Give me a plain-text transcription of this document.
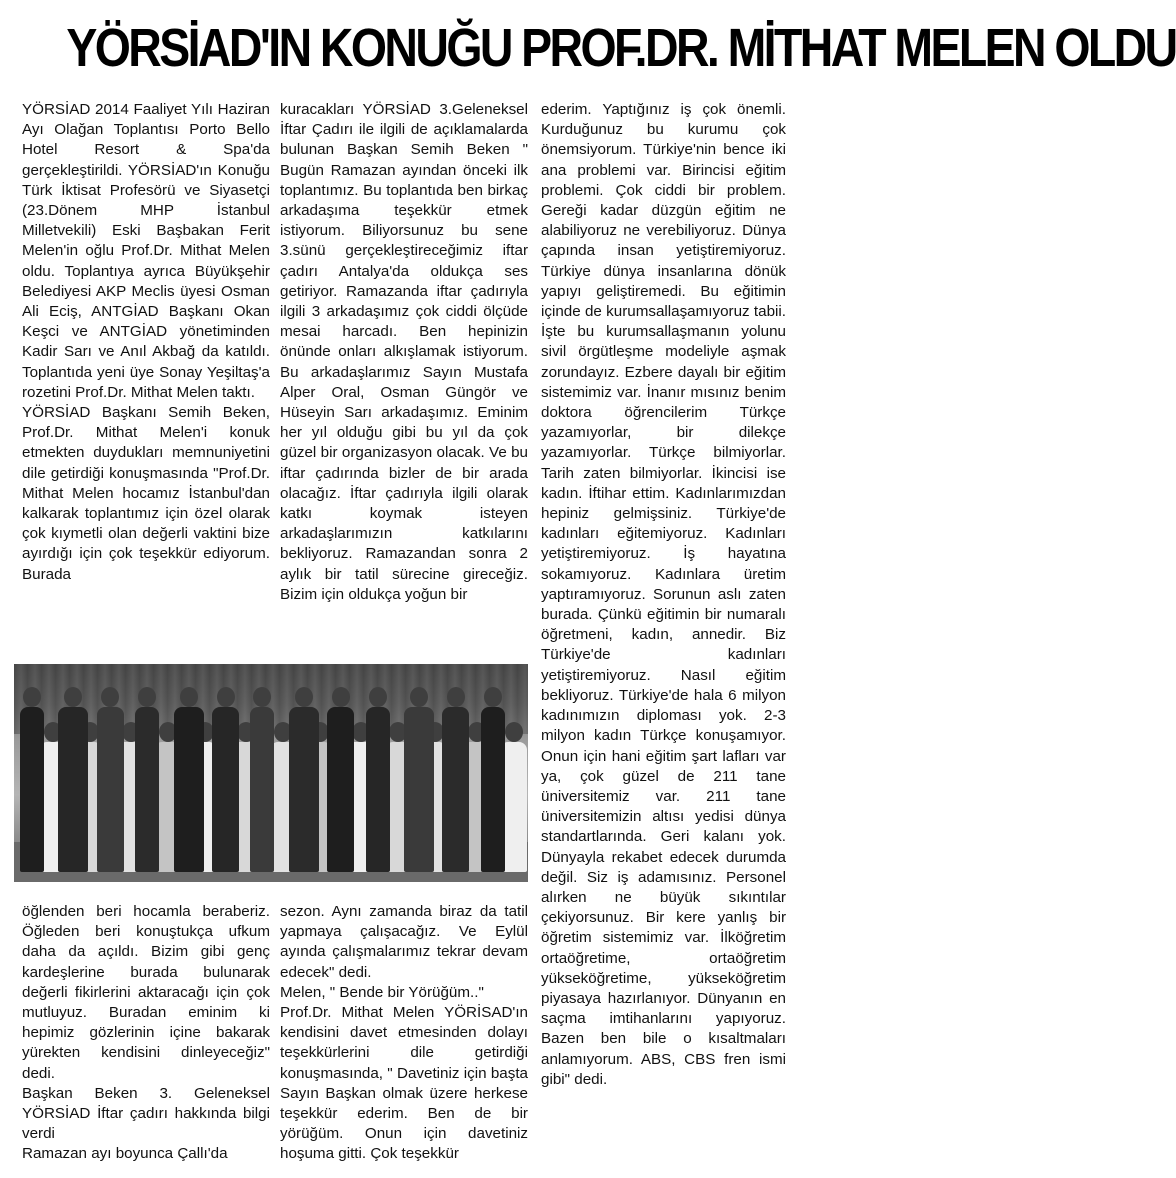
YÖRSİAD'IN KONUĞU PROF.DR. MİTHAT MELEN OLDU

YÖRSİAD 2014 Faaliyet Yılı Haziran Ayı Olağan Toplantısı Porto Bello Hotel Resort & Spa'da gerçekleştirildi. YÖRSİAD'ın Konuğu Türk İktisat Profesörü ve Siyasetçi (23.Dönem MHP İstanbul Milletvekili) Eski Başbakan Ferit Melen'in oğlu Prof.Dr. Mithat Melen oldu. Toplantıya ayrıca Büyükşehir Belediyesi AKP Meclis üyesi Osman Ali Eciş, ANTGİAD Başkanı Okan Keşci ve ANTGİAD yönetiminden Kadir Sarı ve Anıl Akbağ da katıldı. Toplantıda yeni üye Sonay Yeşiltaş'a rozetini Prof.Dr. Mithat Melen taktı.

YÖRSİAD Başkanı Semih Beken, Prof.Dr. Mithat Melen'i konuk etmekten duydukları memnuniyetini dile getirdiği konuşmasında "Prof.Dr. Mithat Melen hocamız İstanbul'dan kalkarak toplantımız için özel olarak çok kıymetli olan değerli vaktini bize ayırdığı için çok teşekkür ediyorum. Burada

kuracakları YÖRSİAD 3.Geleneksel İftar Çadırı ile ilgili de açıklamalarda bulunan Başkan Semih Beken " Bugün Ramazan ayından önceki ilk toplantımız. Bu toplantıda ben birkaç arkadaşıma teşekkür etmek istiyorum. Biliyorsunuz bu sene 3.sünü gerçekleştireceğimiz iftar çadırı Antalya'da oldukça ses getiriyor. Ramazanda iftar çadırıyla ilgili 3 arkadaşımız çok ciddi ölçüde mesai harcadı. Ben hepinizin önünde onları alkışlamak istiyorum. Bu arkadaşlarımız Sayın Mustafa Alper Oral, Osman Güngör ve Hüseyin Sarı arkadaşımız. Eminim her yıl olduğu gibi bu yıl da çok güzel bir organizasyon olacak. Ve bu iftar çadırında bizler de bir arada olacağız. İftar çadırıyla ilgili olarak katkı koymak isteyen arkadaşlarımızın katkılarını bekliyoruz. Ramazandan sonra 2 aylık bir tatil sürecine gireceğiz. Bizim için oldukça yoğun bir

ederim. Yaptığınız iş çok önemli. Kurduğunuz bu kurumu çok önemsiyorum. Türkiye'nin bence iki ana problemi var. Birincisi eğitim problemi. Çok ciddi bir problem. Gereği kadar düzgün eğitim ne alabiliyoruz ne verebiliyoruz. Dünya çapında insan yetiştiremiyoruz. Türkiye dünya insanlarına dönük yapıyı geliştiremedi. Bu eğitimin içinde de kurumsallaşamıyoruz tabii. İşte bu kurumsallaşmanın yolunu sivil örgütleşme modeliyle aşmak zorundayız. Ezbere dayalı bir eğitim sistemimiz var. İnanır mısınız benim doktora öğrencilerim Türkçe yazamıyorlar, bir dilekçe yazamıyorlar. Türkçe bilmiyorlar. Tarih zaten bilmiyorlar. İkincisi ise kadın. İftihar ettim. Kadınlarımızdan hepiniz gelmişsiniz. Türkiye'de kadınları eğitemiyoruz. Kadınları yetiştiremiyoruz. İş hayatına sokamıyoruz. Kadınlara üretim yaptıramıyoruz. Sorunun aslı zaten burada. Çünkü eğitimin bir numaralı öğretmeni, kadın, annedir. Biz Türkiye'de kadınları yetiştiremiyoruz. Nasıl eğitim bekliyoruz. Türkiye'de hala 6 milyon kadınımızın diploması yok. 2-3 milyon kadın Türkçe konuşamıyor. Onun için hani eğitim şart lafları var ya, çok güzel de 211 tane üniversitemiz var. 211 tane üniversitemizin altısı yedisi dünya standartlarında. Geri kalanı yok. Dünyayla rekabet edecek durumda değil. Siz iş adamısınız. Personel alırken ne büyük sıkıntılar çekiyorsunuz. Bir kere yanlış bir öğretim sistemimiz var. İlköğretim ortaöğretime, ortaöğretim yükseköğretime, yükseköğretim piyasaya hazırlanıyor. Dünyanın en saçma imtihanlarını yapıyoruz. Bazen ben bile o kısaltmaları anlamıyorum. ABS, CBS fren ismi gibi" dedi.

öğlenden beri hocamla beraberiz. Öğleden beri konuştukça ufkum daha da açıldı. Bizim gibi genç kardeşlerine burada bulunarak değerli fikirlerini aktaracağı için çok mutluyuz. Buradan eminim ki hepimiz gözlerinin içine bakarak yürekten kendisini dinleyeceğiz" dedi.

Başkan Beken 3. Geleneksel YÖRSİAD İftar çadırı hakkında bilgi verdi

Ramazan ayı boyunca Çallı'da

sezon. Aynı zamanda biraz da tatil yapmaya çalışacağız. Ve Eylül ayında çalışmalarımız tekrar devam edecek" dedi.

Melen, " Bende bir Yörüğüm.."

Prof.Dr. Mithat Melen YÖRİSAD'ın kendisini davet etmesinden dolayı teşekkürlerini dile getirdiği konuşmasında, " Davetiniz için başta Sayın Başkan olmak üzere herkese teşekkür ederim. Ben de bir yörüğüm. Onun için davetiniz hoşuma gitti. Çok teşekkür
